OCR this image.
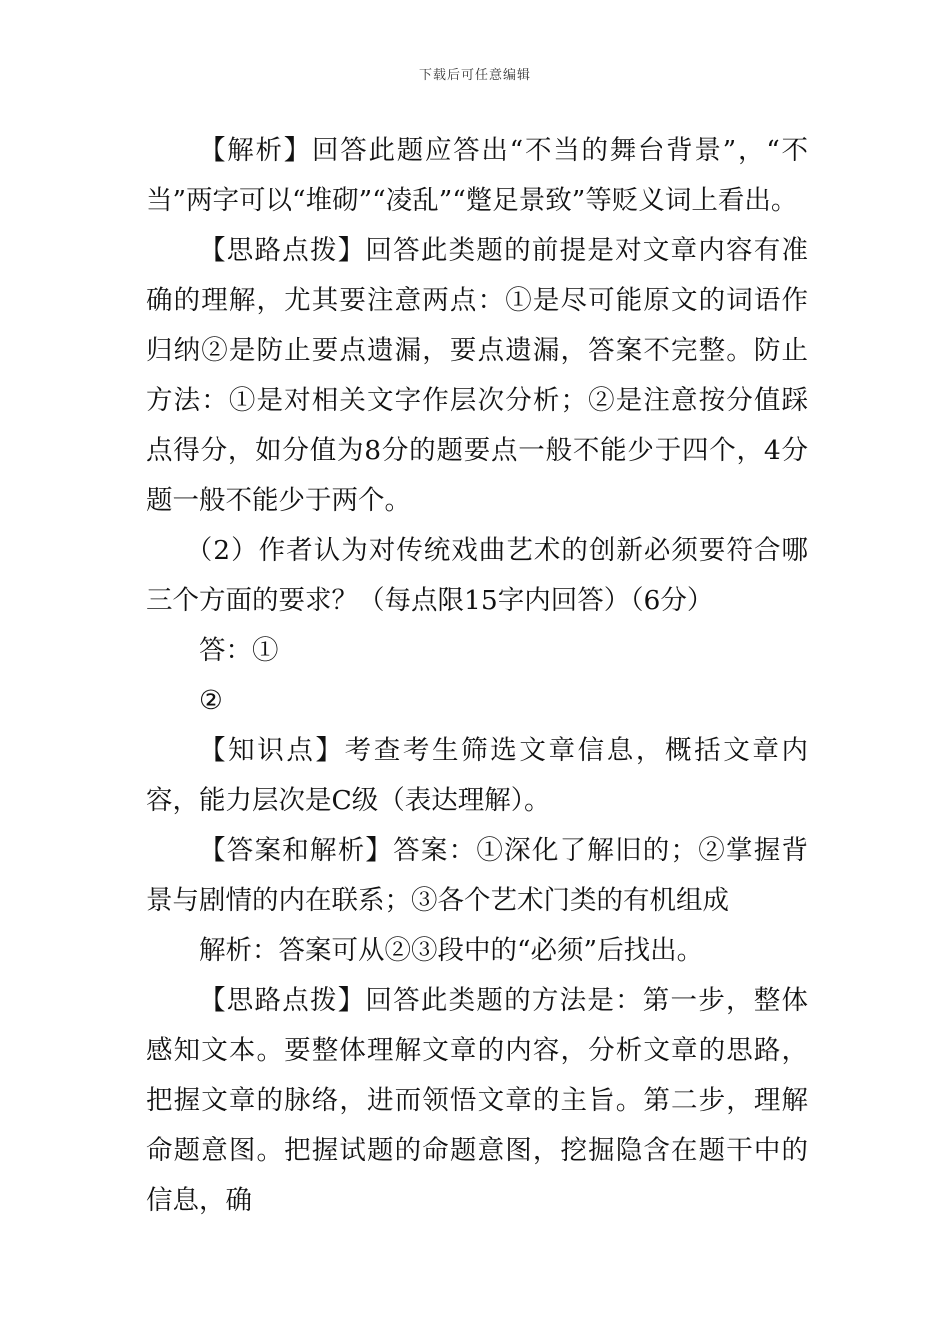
下载后可任意编辑

【解析】回答此题应答出“不当的舞台背景”，“不当”两字可以“堆砌”“凌乱”“蹩足景致”等贬义词上看出。

【思路点拨】回答此类题的前提是对文章内容有准确的理解，尤其要注意两点：①是尽可能原文的词语作归纳②是防止要点遗漏，要点遗漏，答案不完整。防止方法：①是对相关文字作层次分析；②是注意按分值踩点得分，如分值为8分的题要点一般不能少于四个，4分题一般不能少于两个。

（2）作者认为对传统戏曲艺术的创新必须要符合哪三个方面的要求？（每点限15字内回答）（6分）

答：①

②

【知识点】考查考生筛选文章信息，概括文章内容，能力层次是C级（表达理解）。

【答案和解析】答案：①深化了解旧的；②掌握背景与剧情的内在联系；③各个艺术门类的有机组成

解析：答案可从②③段中的“必须”后找出。

【思路点拨】回答此类题的方法是：第一步，整体感知文本。要整体理解文章的内容，分析文章的思路，把握文章的脉络，进而领悟文章的主旨。第二步，理解命题意图。把握试题的命题意图，挖掘隐含在题干中的信息，确
